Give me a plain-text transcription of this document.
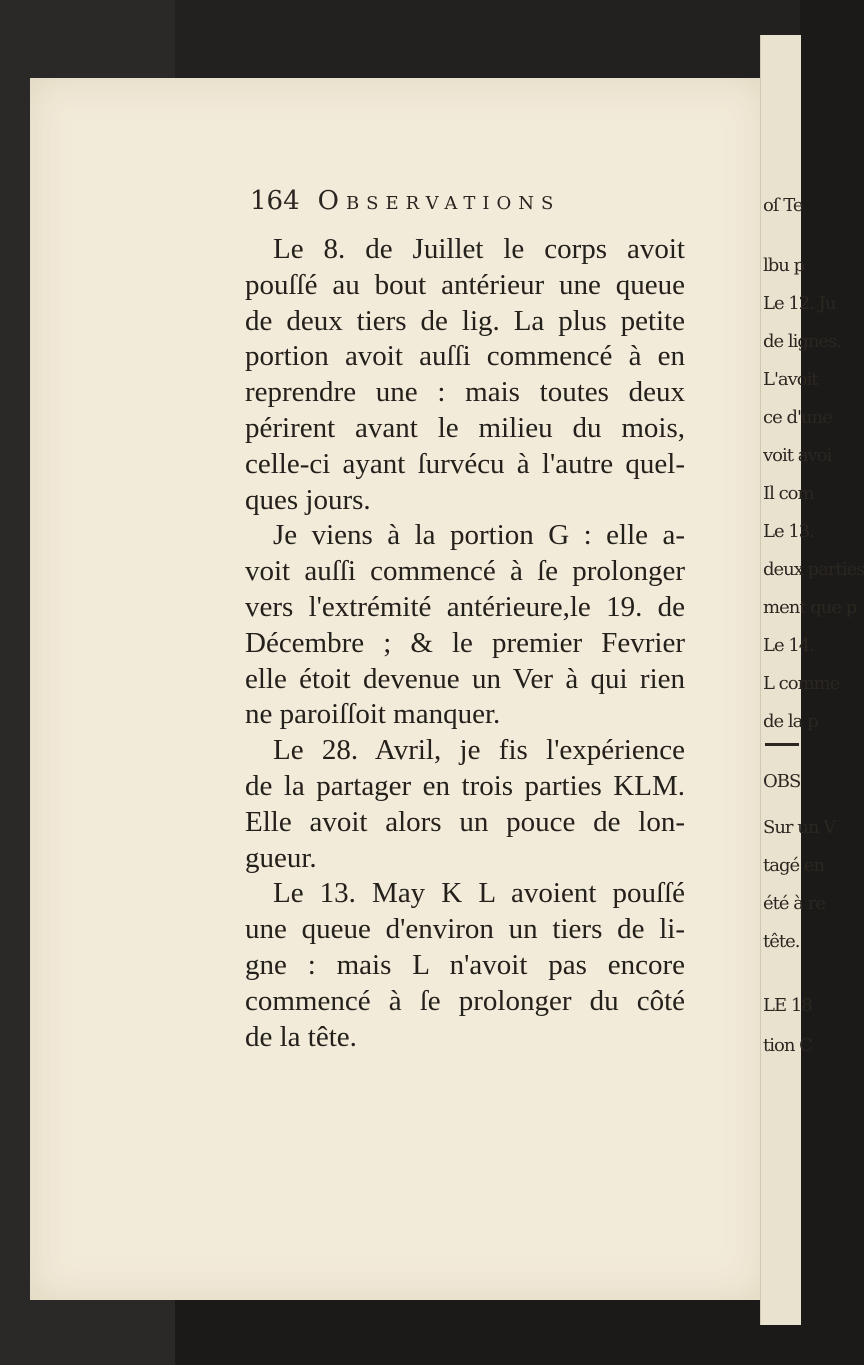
oſ Te
lbu p
Le 12. Ju
de lignes.
L'avoit
ce d'une
voit avoi
Il com
Le 13.
deux parties
ment que p
Le 14.
L comme
de la p
OBS
Sur un V
tagé en
été à re
tête.
LE 18
tion C
164 Observations
Le 8. de Juillet le corps avoit
pouſſé au bout antérieur une queue
de deux tiers de lig. La plus petite
portion avoit auſſi commencé à en
reprendre une : mais toutes deux
périrent avant le milieu du mois,
celle-ci ayant ſurvécu à l'autre quel-
ques jours.
Je viens à la portion G : elle a-
voit auſſi commencé à ſe prolonger
vers l'extrémité antérieure,le 19. de
Décembre ; & le premier Fevrier
elle étoit devenue un Ver à qui rien
ne paroiſſoit manquer.
Le 28. Avril, je fis l'expérience
de la partager en trois parties KLM.
Elle avoit alors un pouce de lon-
gueur.
Le 13. May K L avoient pouſſé
une queue d'environ un tiers de li-
gne : mais L n'avoit pas encore
commencé à ſe prolonger du côté
de la tête.
